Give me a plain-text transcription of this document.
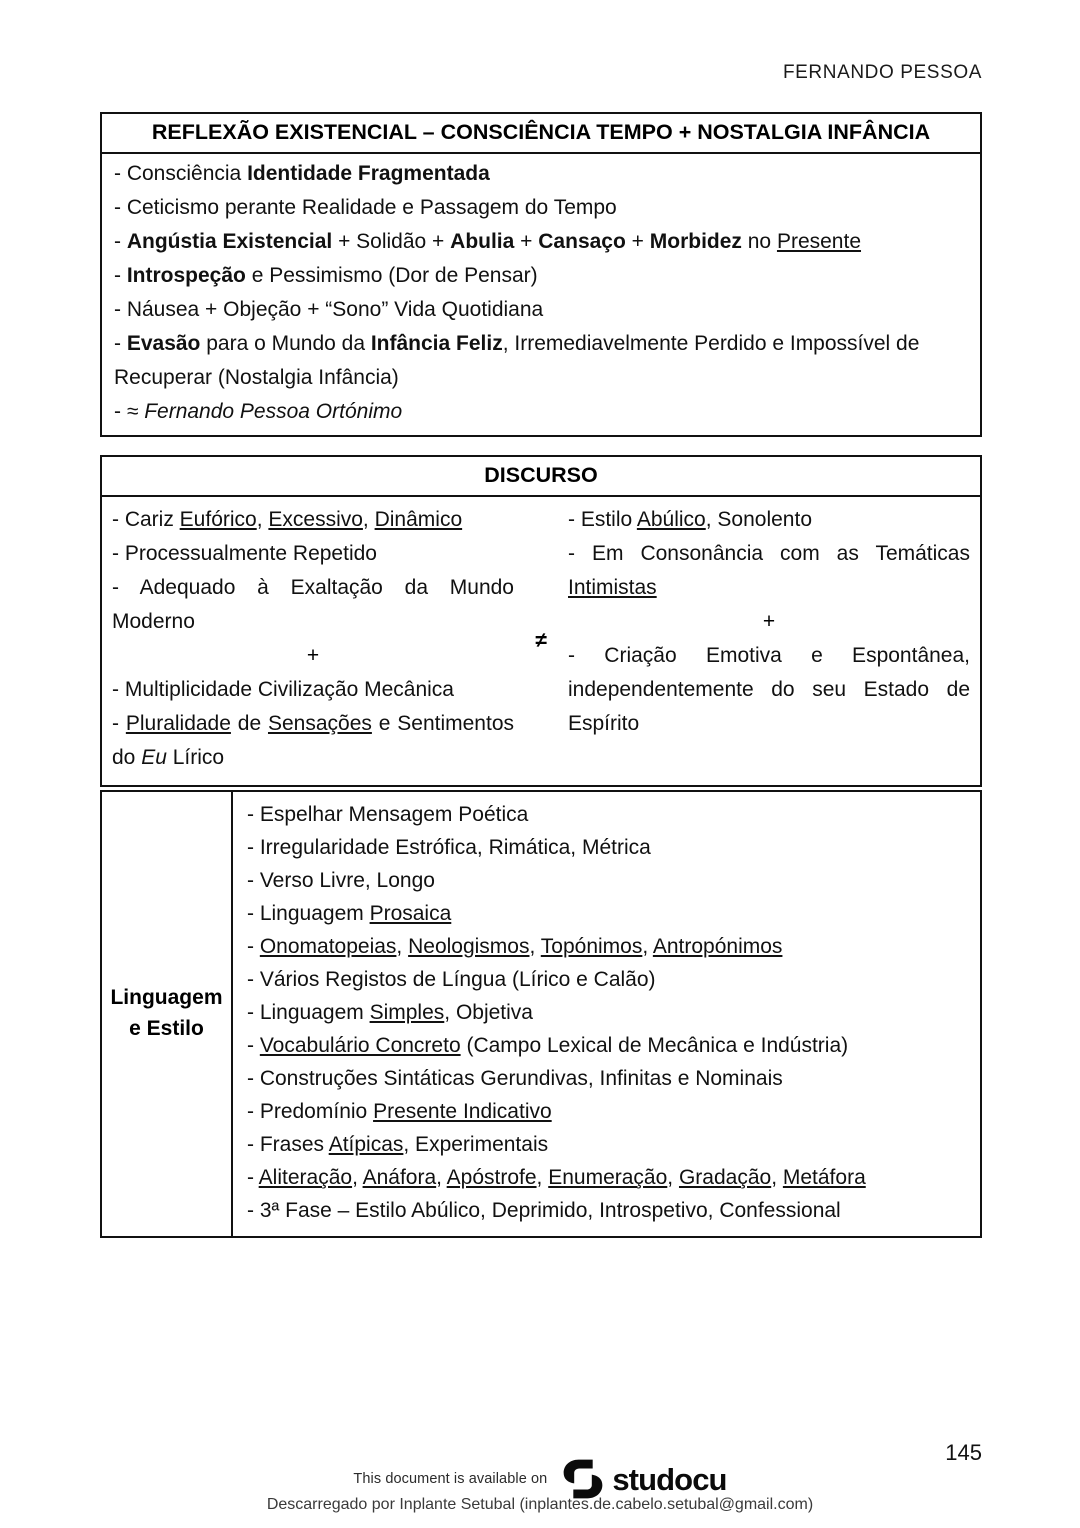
FERNANDO PESSOA
REFLEXÃO EXISTENCIAL – CONSCIÊNCIA TEMPO + NOSTALGIA INFÂNCIA
- Consciência Identidade Fragmentada
- Ceticismo perante Realidade e Passagem do Tempo
- Angústia Existencial + Solidão + Abulia + Cansaço + Morbidez no Presente
- Introspeção e Pessimismo (Dor de Pensar)
- Náusea + Objeção + “Sono” Vida Quotidiana
- Evasão para o Mundo da Infância Feliz, Irremediavelmente Perdido e Impossível de Recuperar (Nostalgia Infância)
- ≈ Fernando Pessoa Ortónimo
DISCURSO
- Cariz Eufórico, Excessivo, Dinâmico
- Processualmente Repetido
- Adequado à Exaltação da Mundo Moderno
+
- Multiplicidade Civilização Mecânica
- Pluralidade de Sensações e Sentimentos do Eu Lírico
≠
- Estilo Abúlico, Sonolento
- Em Consonância com as Temáticas Intimistas
+
- Criação Emotiva e Espontânea, independentemente do seu Estado de Espírito
Linguagem
e Estilo
- Espelhar Mensagem Poética
- Irregularidade Estrófica, Rimática, Métrica
- Verso Livre, Longo
- Linguagem Prosaica
- Onomatopeias, Neologismos, Topónimos, Antropónimos
- Vários Registos de Língua (Lírico e Calão)
- Linguagem Simples, Objetiva
- Vocabulário Concreto (Campo Lexical de Mecânica e Indústria)
- Construções Sintáticas Gerundivas, Infinitas e Nominais
- Predomínio Presente Indicativo
- Frases Atípicas, Experimentais
- Aliteração, Anáfora, Apóstrofe, Enumeração, Gradação, Metáfora
- 3ª Fase – Estilo Abúlico, Deprimido, Introspetivo, Confessional
145
This document is available on studocu
Descarregado por Inplante Setubal (inplantes.de.cabelo.setubal@gmail.com)
